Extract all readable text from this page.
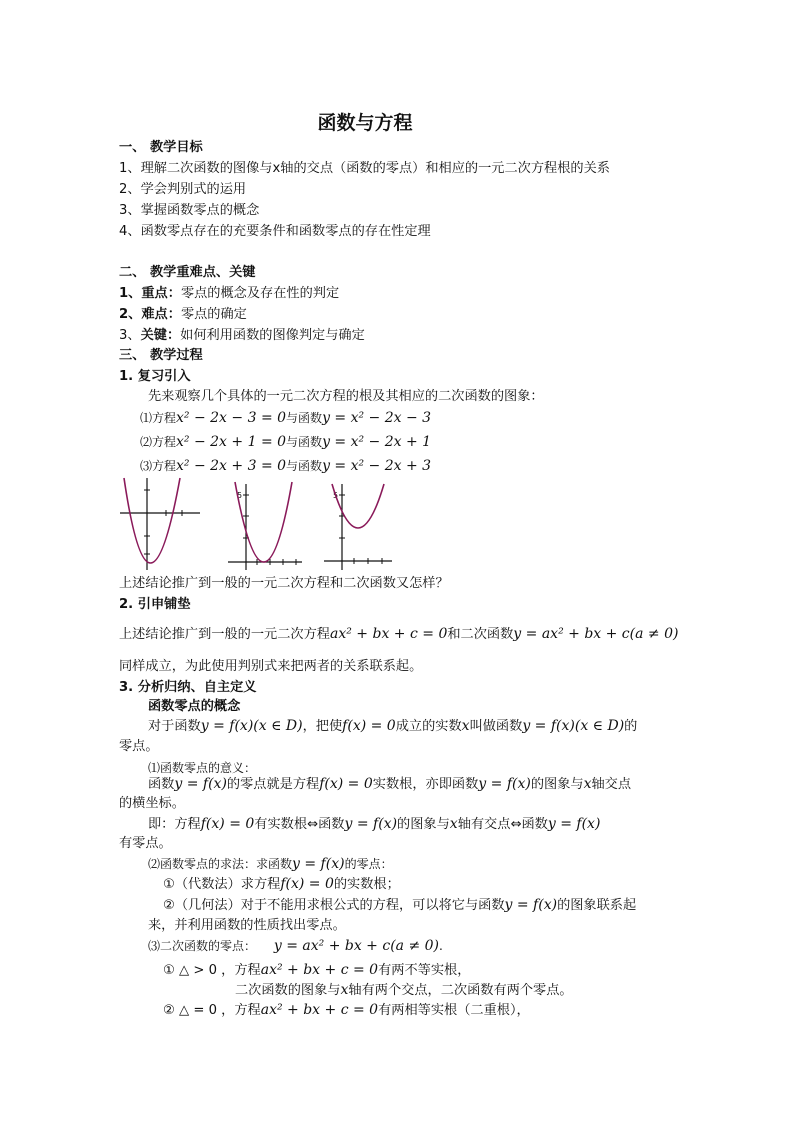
函数与方程
一、 教学目标
1、理解二次函数的图像与x轴的交点（函数的零点）和相应的一元二次方程根的关系
2、学会判别式的运用
3、掌握函数零点的概念
4、函数零点存在的充要条件和函数零点的存在性定理
二、 教学重难点、关键
1、重点：零点的概念及存在性的判定
2、难点：零点的确定
3、关键：如何利用函数的图像判定与确定
三、 教学过程
1. 复习引入
先来观察几个具体的一元二次方程的根及其相应的二次函数的图象：
⑴方程x² − 2x − 3 = 0与函数y = x² − 2x − 3
⑵方程x² − 2x + 1 = 0与函数y = x² − 2x + 1
⑶方程x² − 2x + 3 = 0与函数y = x² − 2x + 3
5	5
上述结论推广到一般的一元二次方程和二次函数又怎样？
2. 引申铺垫
上述结论推广到一般的一元二次方程ax² + bx + c = 0和二次函数y = ax² + bx + c(a ≠ 0)
同样成立，为此使用判别式来把两者的关系联系起。
3. 分析归纳、自主定义
函数零点的概念
对于函数y = f(x)(x ∈ D)，把使f(x) = 0成立的实数x叫做函数y = f(x)(x ∈ D)的
零点。
⑴函数零点的意义：
函数y = f(x)的零点就是方程f(x) = 0实数根，亦即函数y = f(x)的图象与x轴交点
的横坐标。
即：方程f(x) = 0有实数根⇔函数y = f(x)的图象与x轴有交点⇔函数y = f(x)
有零点。
⑵函数零点的求法：求函数y = f(x)的零点：
①（代数法）求方程f(x) = 0的实数根；
②（几何法）对于不能用求根公式的方程，可以将它与函数y = f(x)的图象联系起
来，并利用函数的性质找出零点。
⑶二次函数的零点： y = ax² + bx + c(a ≠ 0).
① △ > 0 ，方程ax² + bx + c = 0有两不等实根，
二次函数的图象与x轴有两个交点，二次函数有两个零点。
② △ = 0 ，方程ax² + bx + c = 0有两相等实根（二重根），
